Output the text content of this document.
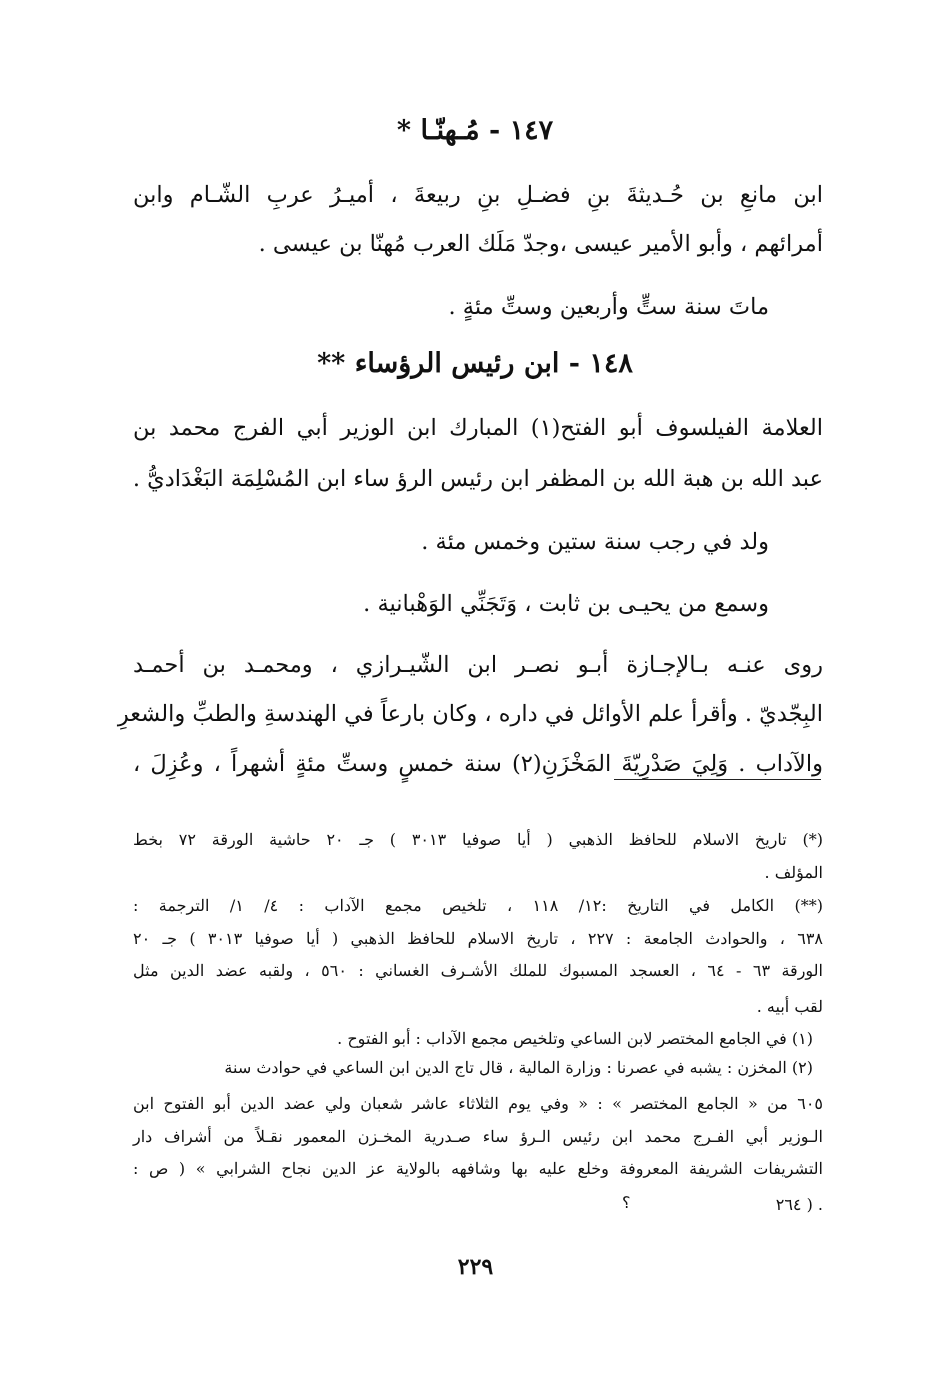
١٤٧ - مُـهنّـا *
ابن مانعِ بن حُـديثةَ بنِ فضـلِ بنِ ربيعةَ ، أميـرُ عربِ الشّـام وابن
أمرائهم ، وأبو الأمير عيسى ،وجدّ مَلَك العرب مُهنّا بن عيسى .
ماتَ سنة ستٍّ وأربعين وستِّ مئةٍ .
١٤٨ - ابن رئيس الرؤساء **
العلامة الفيلسوف أبو الفتح(١) المبارك ابن الوزير أبي الفرج محمد بن
عبد الله بن هبة الله بن المظفر ابن رئيس الرؤ ساء ابن المُسْلِمَة البَغْدَاديُّ .
ولد في رجب سنة ستين وخمس مئة .
وسمع من يحيـى بن ثابت ، وَتَجَنِّي الوَهْبانية .
روى عنـه بـالإجـازة أبـو نصـر ابن الشّيـرازي ، ومحمـد بن أحمـد
البِجّديّ . وأقرأ علم الأوائل في داره ، وكان بارعاً في الهندسةِ والطبِّ والشعرِ
والآداب . وَلِيَ صَدْرِيّةَ المَخْزَنِ(٢) سنة خمسٍ وستِّ مئةٍ أشهراً ، وعُزِلَ ،
(*) تاريخ الاسلام للحافظ الذهبي ( أيا صوفيا ٣٠١٣ ) جـ ٢٠ حاشية الورقة ٧٢ بخط
المؤلف .
(**) الكامل في التاريخ :١٢/ ١١٨ ، تلخيص مجمع الآداب : ٤/ ١/ الترجمة :
٦٣٨ ، والحوادث الجامعة : ٢٢٧ ، تاريخ الاسلام للحافظ الذهبي ( أيا صوفيا ٣٠١٣ ) جـ ٢٠
الورقة ٦٣ - ٦٤ ، العسجد المسبوك للملك الأشـرف الغساني : ٥٦٠ ، ولقبه عضد الدين مثل
لقب أبيه .
(١) في الجامع المختصر لابن الساعي وتلخيص مجمع الآداب : أبو الفتوح .
(٢) المخزن : يشبه في عصرنا : وزارة المالية ، قال تاج الدين ابن الساعي في حوادث سنة
٦٠٥ من « الجامع المختصر » : « وفي يوم الثلاثاء عاشر شعبان ولي عضد الدين أبو الفتوح ابن
الـوزير أبي الفـرج محمد ابن رئيس الـرؤ ساء صـدرية المخـزن المعمور نقـلاً من أشراف دار
التشريفات الشريفة المعروفة وخلع عليه بها وشافهه بالولاية عز الدين نجاح الشرابي » ( ص :
؟	٢٦٤ ) .
٢٢٩
